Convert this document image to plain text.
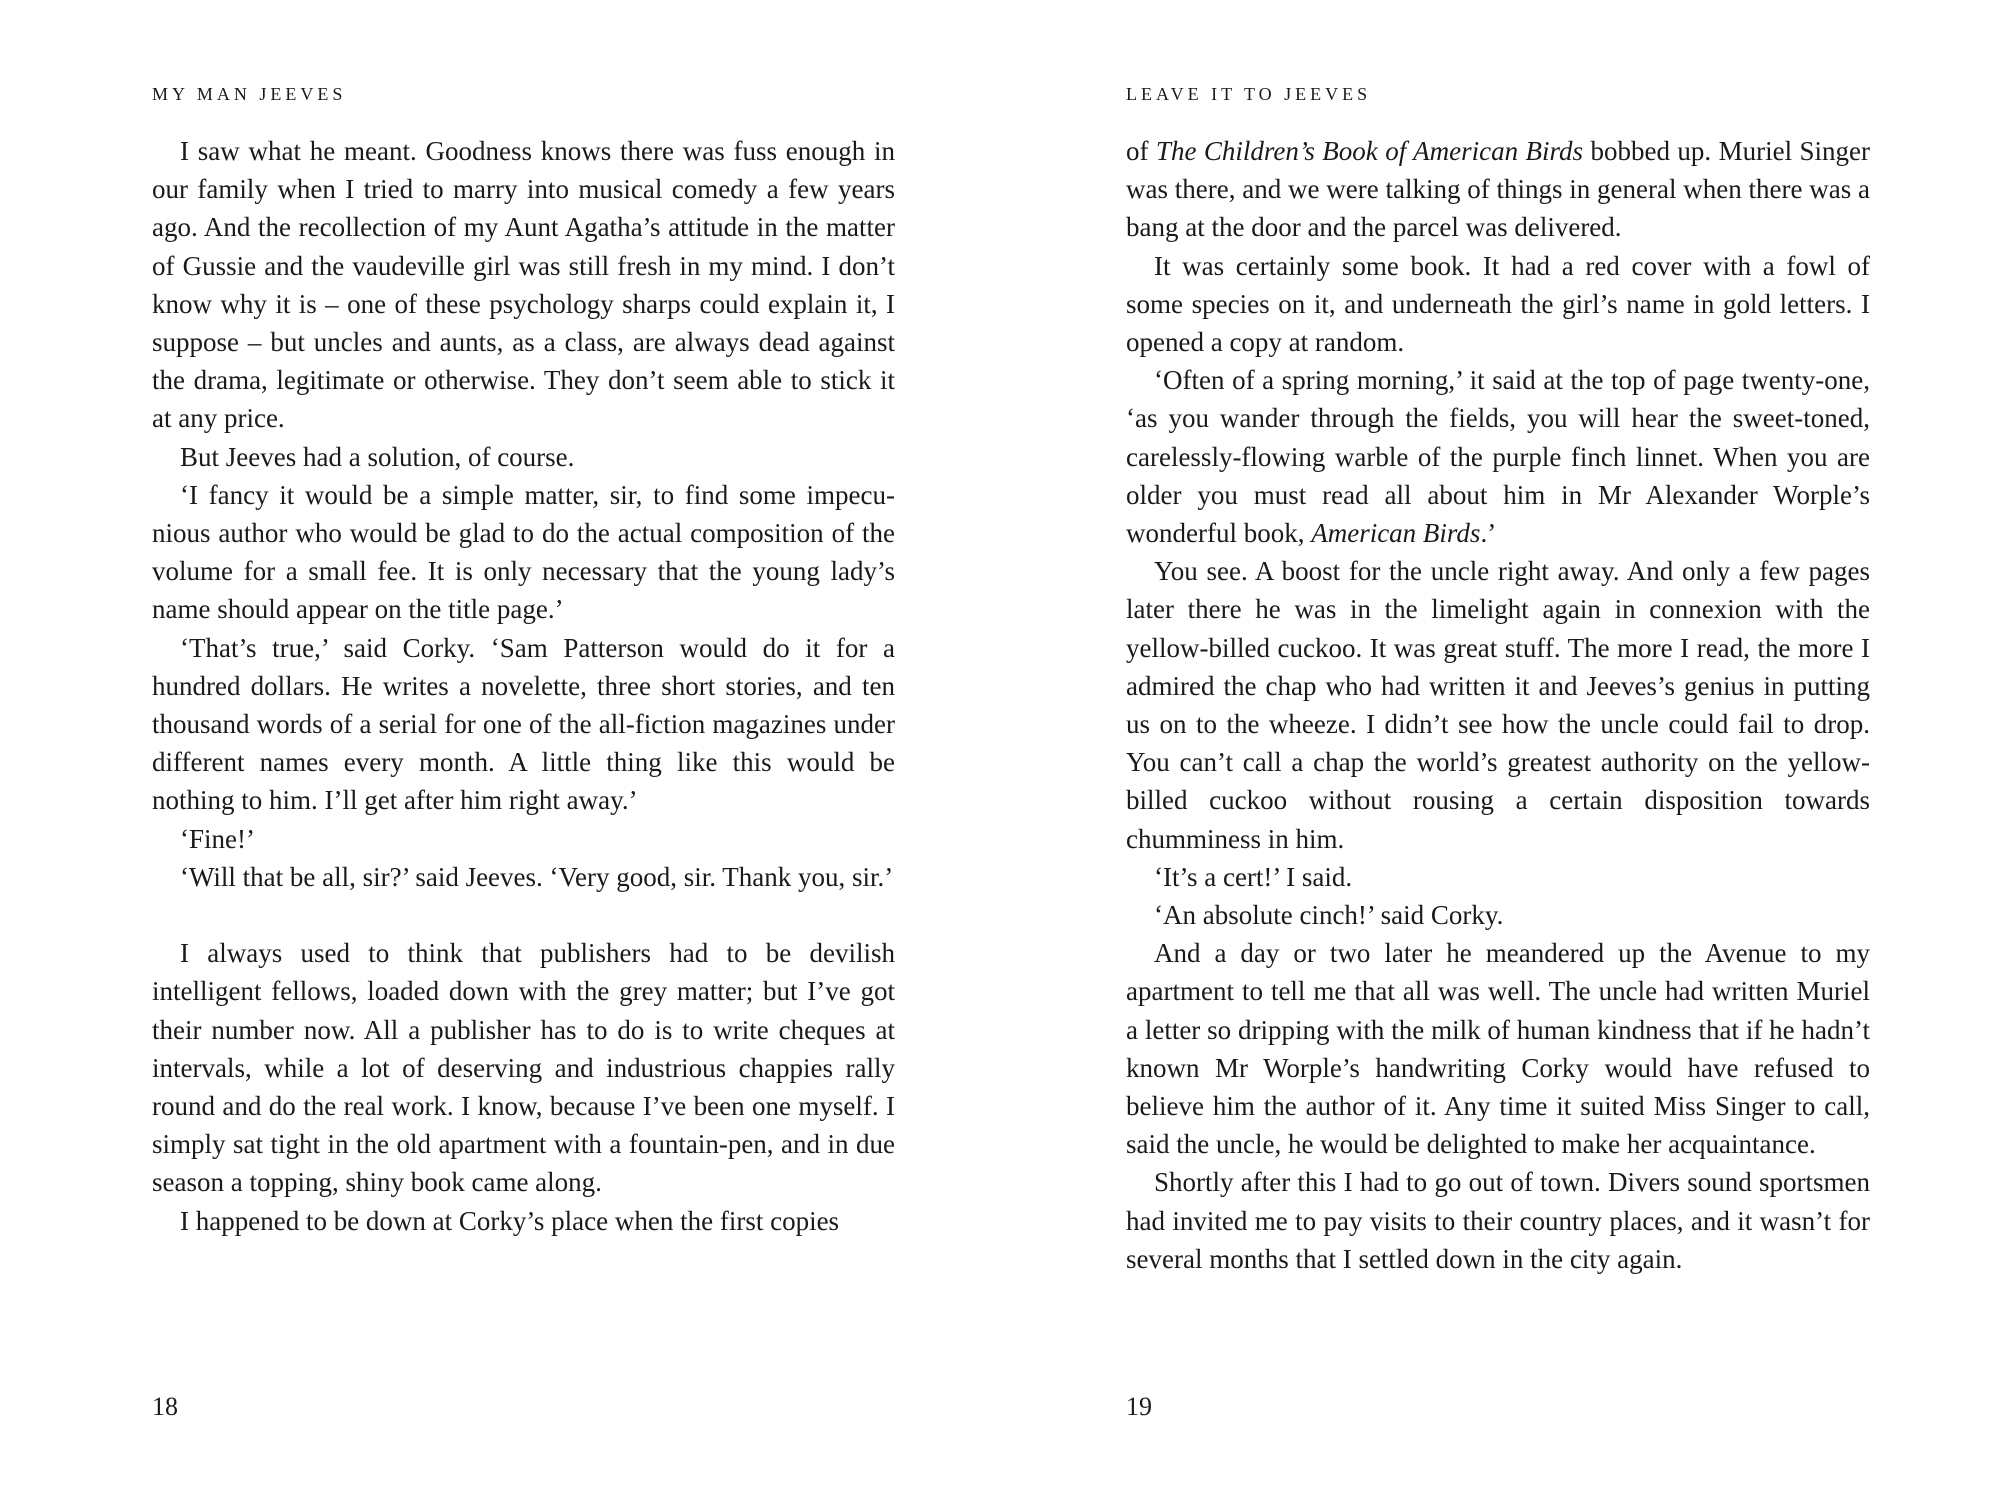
MY MAN JEEVES

I saw what he meant. Goodness knows there was fuss enough in our family when I tried to marry into musical comedy a few years ago. And the recollection of my Aunt Agatha’s attitude in the matter of Gussie and the vaudeville girl was still fresh in my mind. I don’t know why it is – one of these psychology sharps could explain it, I suppose – but uncles and aunts, as a class, are always dead against the drama, legitimate or otherwise. They don’t seem able to stick it at any price.

But Jeeves had a solution, of course.

‘I fancy it would be a simple matter, sir, to find some impecunious author who would be glad to do the actual composition of the volume for a small fee. It is only necessary that the young lady’s name should appear on the title page.’

‘That’s true,’ said Corky. ‘Sam Patterson would do it for a hundred dollars. He writes a novelette, three short stories, and ten thousand words of a serial for one of the all-fiction magazines under different names every month. A little thing like this would be nothing to him. I’ll get after him right away.’

‘Fine!’

‘Will that be all, sir?’ said Jeeves. ‘Very good, sir. Thank you, sir.’

I always used to think that publishers had to be devilish intelligent fellows, loaded down with the grey matter; but I’ve got their number now. All a publisher has to do is to write cheques at intervals, while a lot of deserving and industrious chappies rally round and do the real work. I know, because I’ve been one myself. I simply sat tight in the old apartment with a fountain-pen, and in due season a topping, shiny book came along.

I happened to be down at Corky’s place when the first copies

18
LEAVE IT TO JEEVES

of The Children’s Book of American Birds bobbed up. Muriel Singer was there, and we were talking of things in general when there was a bang at the door and the parcel was delivered.

It was certainly some book. It had a red cover with a fowl of some species on it, and underneath the girl’s name in gold letters. I opened a copy at random.

‘Often of a spring morning,’ it said at the top of page twenty-one, ‘as you wander through the fields, you will hear the sweet-toned, carelessly-flowing warble of the purple finch linnet. When you are older you must read all about him in Mr Alexander Worple’s wonderful book, American Birds.’

You see. A boost for the uncle right away. And only a few pages later there he was in the limelight again in connexion with the yellow-billed cuckoo. It was great stuff. The more I read, the more I admired the chap who had written it and Jeeves’s genius in putting us on to the wheeze. I didn’t see how the uncle could fail to drop. You can’t call a chap the world’s greatest authority on the yellow-billed cuckoo without rousing a certain disposition towards chumminess in him.

‘It’s a cert!’ I said.

‘An absolute cinch!’ said Corky.

And a day or two later he meandered up the Avenue to my apartment to tell me that all was well. The uncle had written Muriel a letter so dripping with the milk of human kindness that if he hadn’t known Mr Worple’s handwriting Corky would have refused to believe him the author of it. Any time it suited Miss Singer to call, said the uncle, he would be delighted to make her acquaintance.

Shortly after this I had to go out of town. Divers sound sportsmen had invited me to pay visits to their country places, and it wasn’t for several months that I settled down in the city again.

19
